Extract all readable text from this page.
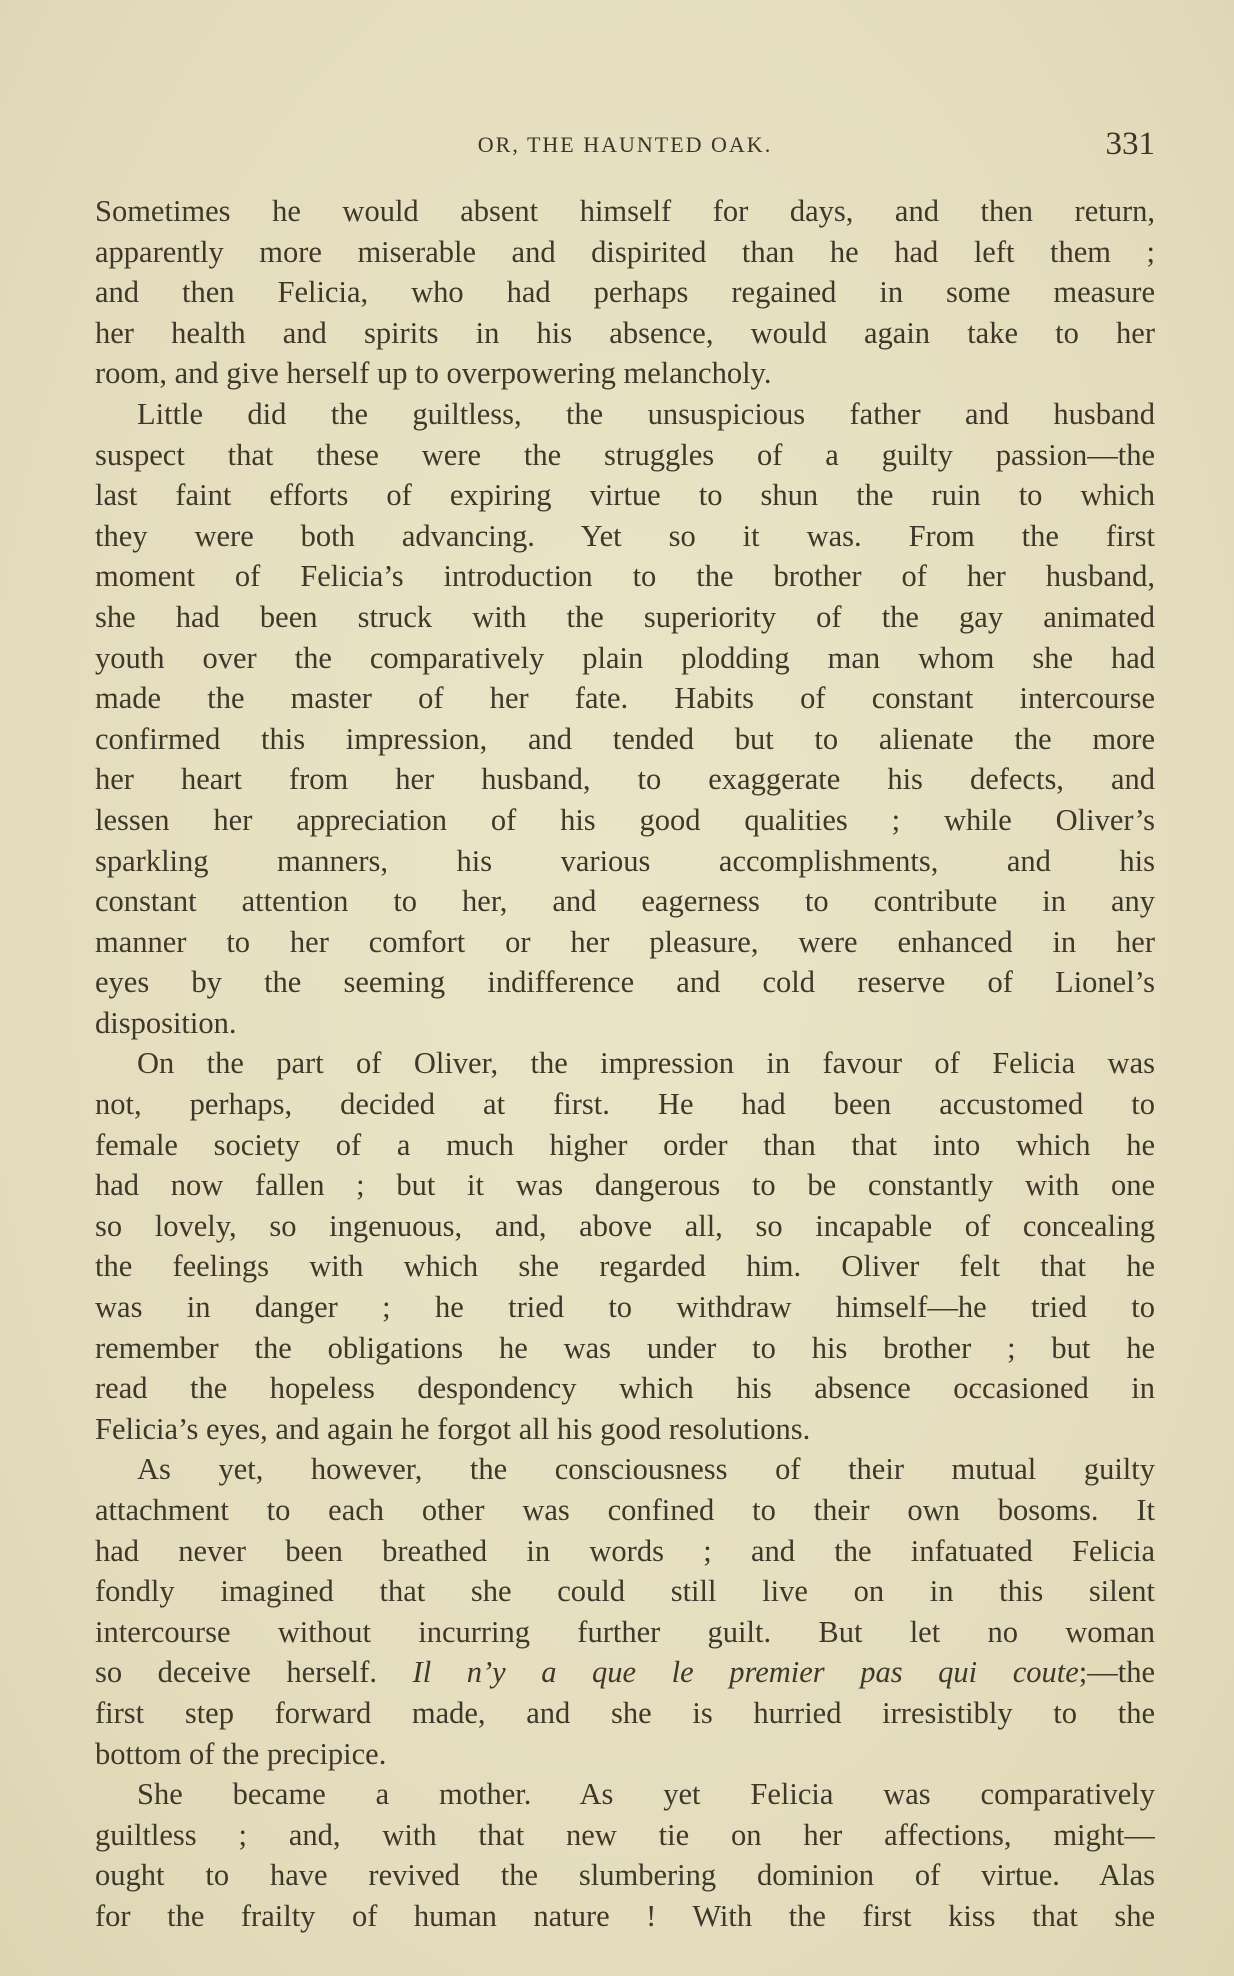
OR, THE HAUNTED OAK.	331
Sometimes he would absent himself for days, and then return,
apparently more miserable and dispirited than he had left them ;
and then Felicia, who had perhaps regained in some measure
her health and spirits in his absence, would again take to her
room, and give herself up to overpowering melancholy.
Little did the guiltless, the unsuspicious father and husband
suspect that these were the struggles of a guilty passion—the
last faint efforts of expiring virtue to shun the ruin to which
they were both advancing. Yet so it was. From the first
moment of Felicia’s introduction to the brother of her husband,
she had been struck with the superiority of the gay animated
youth over the comparatively plain plodding man whom she had
made the master of her fate. Habits of constant intercourse
confirmed this impression, and tended but to alienate the more
her heart from her husband, to exaggerate his defects, and
lessen her appreciation of his good qualities ; while Oliver’s
sparkling manners, his various accomplishments, and his
constant attention to her, and eagerness to contribute in any
manner to her comfort or her pleasure, were enhanced in her
eyes by the seeming indifference and cold reserve of Lionel’s
disposition.
On the part of Oliver, the impression in favour of Felicia was
not, perhaps, decided at first. He had been accustomed to
female society of a much higher order than that into which he
had now fallen ; but it was dangerous to be constantly with one
so lovely, so ingenuous, and, above all, so incapable of concealing
the feelings with which she regarded him. Oliver felt that he
was in danger ; he tried to withdraw himself—he tried to
remember the obligations he was under to his brother ; but he
read the hopeless despondency which his absence occasioned in
Felicia’s eyes, and again he forgot all his good resolutions.
As yet, however, the consciousness of their mutual guilty
attachment to each other was confined to their own bosoms. It
had never been breathed in words ; and the infatuated Felicia
fondly imagined that she could still live on in this silent
intercourse without incurring further guilt. But let no woman
so deceive herself. Il n’y a que le premier pas qui coute;—the
first step forward made, and she is hurried irresistibly to the
bottom of the precipice.
She became a mother. As yet Felicia was comparatively
guiltless ; and, with that new tie on her affections, might—
ought to have revived the slumbering dominion of virtue. Alas
for the frailty of human nature ! With the first kiss that she
